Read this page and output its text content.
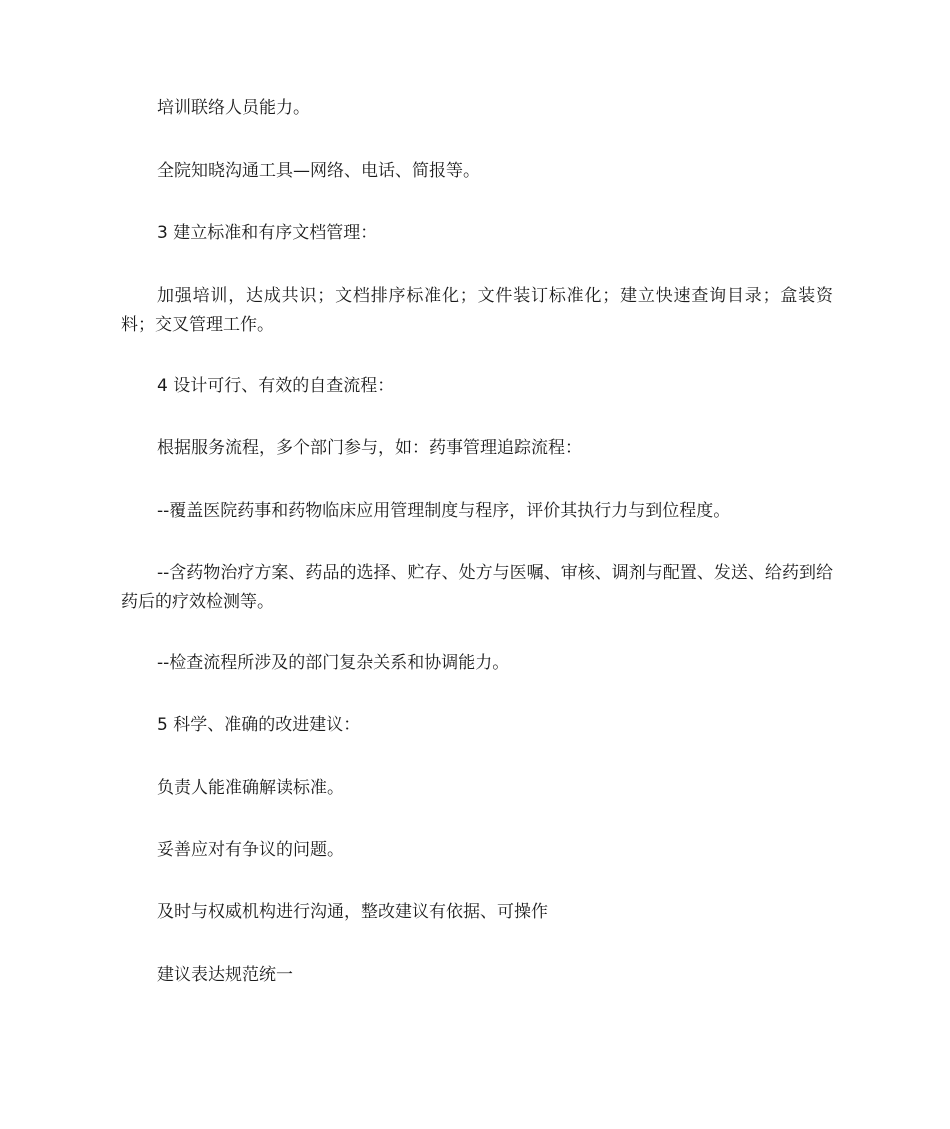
培训联络人员能力。

全院知晓沟通工具—网络、电话、简报等。

3 建立标准和有序文档管理：

加强培训，达成共识；文档排序标准化；文件装订标准化；建立快速查询目录；盒装资料；交叉管理工作。

4 设计可行、有效的自查流程：

根据服务流程，多个部门参与，如：药事管理追踪流程：

--覆盖医院药事和药物临床应用管理制度与程序，评价其执行力与到位程度。

--含药物治疗方案、药品的选择、贮存、处方与医嘱、审核、调剂与配置、发送、给药到给药后的疗效检测等。

--检查流程所涉及的部门复杂关系和协调能力。

5 科学、准确的改进建议：

负责人能准确解读标准。

妥善应对有争议的问题。

及时与权威机构进行沟通，整改建议有依据、可操作

建议表达规范统一
